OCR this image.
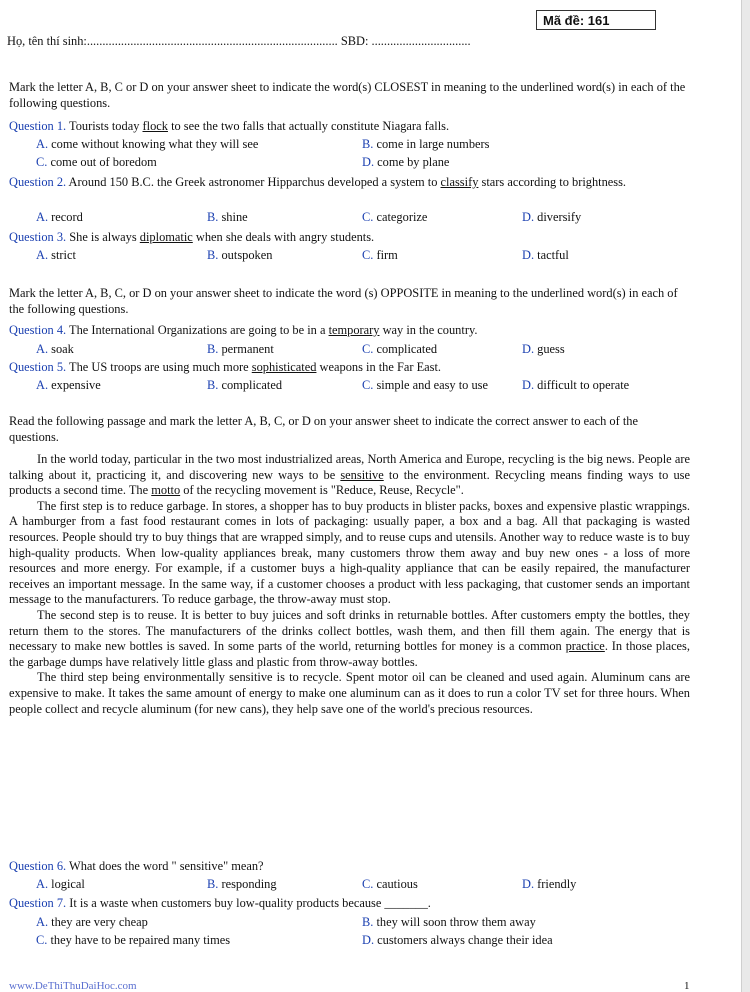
Mã đề: 161
Họ, tên thí sinh:................................................................................. SBD: ................................
Mark the letter A, B, C or D on your answer sheet to indicate the word(s) CLOSEST in meaning to the underlined word(s) in each of the following questions.
Question 1. Tourists today flock to see the two falls that actually constitute Niagara falls.
A. come without knowing what they will see	B. come in large numbers
C. come out of boredom	D. come by plane
Question 2. Around 150 B.C. the Greek astronomer Hipparchus developed a system to classify stars according to brightness.
A. record	B. shine	C. categorize	D. diversify
Question 3. She is always diplomatic when she deals with angry students.
A. strict	B. outspoken	C. firm	D. tactful
Mark the letter A, B, C, or D on your answer sheet to indicate the word (s) OPPOSITE in meaning to the underlined word(s) in each of the following questions.
Question 4. The International Organizations are going to be in a temporary way in the country.
A. soak	B. permanent	C. complicated	D. guess
Question 5. The US troops are using much more sophisticated weapons in the Far East.
A. expensive	B. complicated	C. simple and easy to use	D. difficult to operate
Read the following passage and mark the letter A, B, C, or D on your answer sheet to indicate the correct answer to each of the questions.

In the world today, particular in the two most industrialized areas, North America and Europe, recycling is the big news. People are talking about it, practicing it, and discovering new ways to be sensitive to the environment. Recycling means finding ways to use products a second time. The motto of the recycling movement is "Reduce, Reuse, Recycle".

The first step is to reduce garbage. In stores, a shopper has to buy products in blister packs, boxes and expensive plastic wrappings. A hamburger from a fast food restaurant comes in lots of packaging: usually paper, a box and a bag. All that packaging is wasted resources. People should try to buy things that are wrapped simply, and to reuse cups and utensils. Another way to reduce waste is to buy high-quality products. When low-quality appliances break, many customers throw them away and buy new ones - a loss of more resources and more energy. For example, if a customer buys a high-quality appliance that can be easily repaired, the manufacturer receives an important message. In the same way, if a customer chooses a product with less packaging, that customer sends an important message to the manufacturers. To reduce garbage, the throw-away must stop.

The second step is to reuse. It is better to buy juices and soft drinks in returnable bottles. After customers empty the bottles, they return them to the stores. The manufacturers of the drinks collect bottles, wash them, and then fill them again. The energy that is necessary to make new bottles is saved. In some parts of the world, returning bottles for money is a common practice. In those places, the garbage dumps have relatively little glass and plastic from throw-away bottles.

The third step being environmentally sensitive is to recycle. Spent motor oil can be cleaned and used again. Aluminum cans are expensive to make. It takes the same amount of energy to make one aluminum can as it does to run a color TV set for three hours. When people collect and recycle aluminum (for new cans), they help save one of the world's precious resources.

Question 6. What does the word " sensitive" mean?
A. logical	B. responding	C. cautious	D. friendly
Question 7. It is a waste when customers buy low-quality products because _______.
A. they are very cheap	B. they will soon throw them away
C. they have to be repaired many times	D. customers always change their idea
www.DeThiThuDaiHoc.com	1
